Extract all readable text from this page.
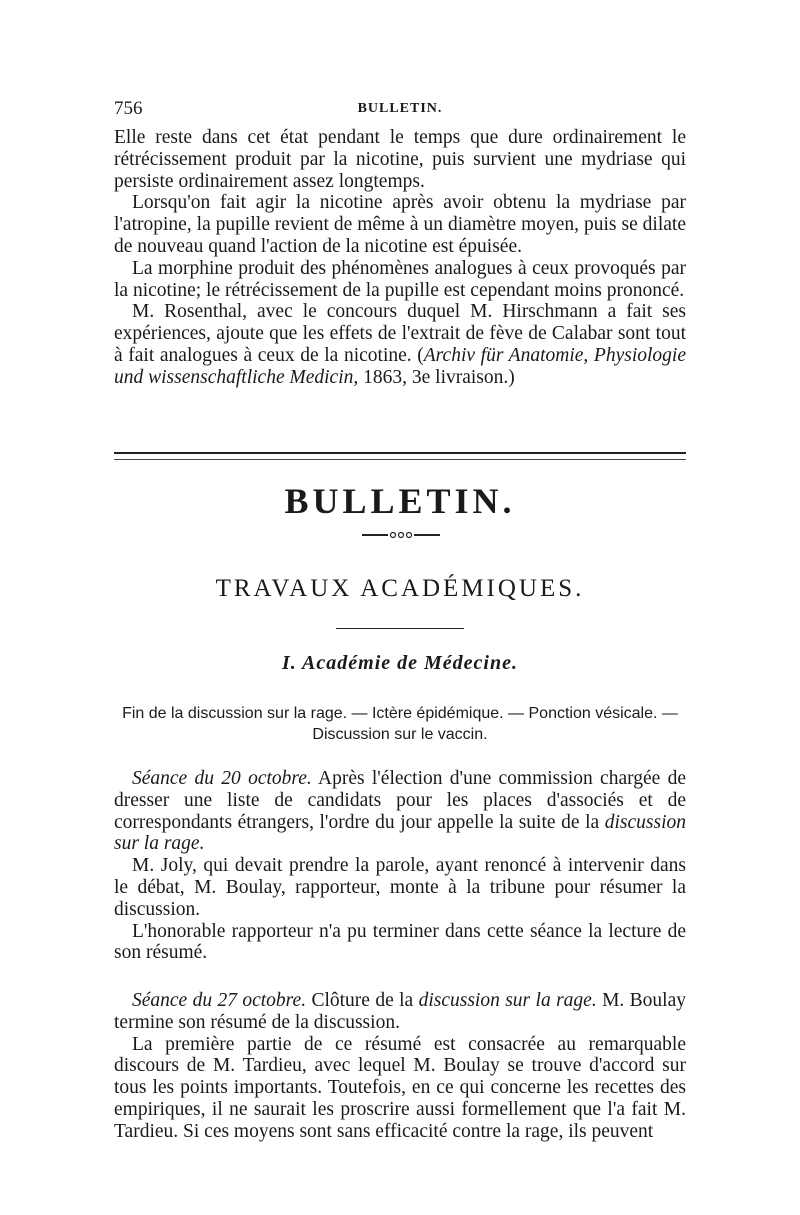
756	BULLETIN.

Elle reste dans cet état pendant le temps que dure ordinairement le rétrécissement produit par la nicotine, puis survient une mydriase qui persiste ordinairement assez longtemps.

Lorsqu'on fait agir la nicotine après avoir obtenu la mydriase par l'atropine, la pupille revient de même à un diamètre moyen, puis se dilate de nouveau quand l'action de la nicotine est épuisée.

La morphine produit des phénomènes analogues à ceux provoqués par la nicotine; le rétrécissement de la pupille est cependant moins prononcé.

M. Rosenthal, avec le concours duquel M. Hirschmann a fait ses expériences, ajoute que les effets de l'extrait de fève de Calabar sont tout à fait analogues à ceux de la nicotine. (Archiv für Anatomie, Physiologie und wissenschaftliche Medicin, 1863, 3e livraison.)

BULLETIN.
TRAVAUX ACADÉMIQUES.
I. Académie de Médecine.
Fin de la discussion sur la rage. — Ictère épidémique. — Ponction vésicale. —
Discussion sur le vaccin.

Séance du 20 octobre. Après l'élection d'une commission chargée de dresser une liste de candidats pour les places d'associés et de correspondants étrangers, l'ordre du jour appelle la suite de la discussion sur la rage.

M. Joly, qui devait prendre la parole, ayant renoncé à intervenir dans le débat, M. Boulay, rapporteur, monte à la tribune pour résumer la discussion.

L'honorable rapporteur n'a pu terminer dans cette séance la lecture de son résumé.

Séance du 27 octobre. Clôture de la discussion sur la rage. M. Boulay termine son résumé de la discussion.

La première partie de ce résumé est consacrée au remarquable discours de M. Tardieu, avec lequel M. Boulay se trouve d'accord sur tous les points importants. Toutefois, en ce qui concerne les recettes des empiriques, il ne saurait les proscrire aussi formellement que l'a fait M. Tardieu. Si ces moyens sont sans efficacité contre la rage, ils peuvent
